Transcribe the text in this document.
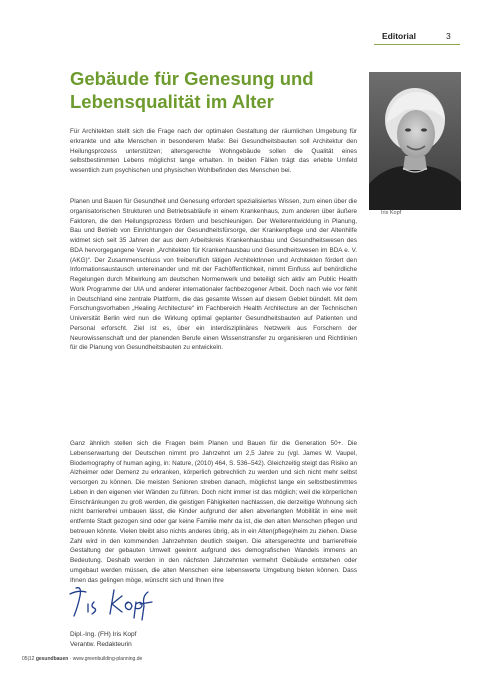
Editorial	3
Gebäude für Genesung und Lebensqualität im Alter

Für Architekten stellt sich die Frage nach der optimalen Gestaltung der räumlichen Umgebung für erkrankte und alte Menschen in besonderem Maße: Bei Gesundheitsbauten soll Architektur den Heilungsprozess unterstützen; altersgerechte Wohngebäude sollen die Qualität eines selbstbestimmten Lebens möglichst lange erhalten. In beiden Fällen trägt das erlebte Umfeld wesentlich zum psychischen und physischen Wohlbefinden des Menschen bei.

Planen und Bauen für Gesundheit und Genesung erfordert spezialisiertes Wissen, zum einen über die organisatorischen Strukturen und Betriebsabläufe in einem Krankenhaus, zum anderen über äußere Faktoren, die den Heilungsprozess fördern und beschleunigen. Der Weiterentwicklung in Planung, Bau und Betrieb von Einrichtungen der Gesundheitsfürsorge, der Krankenpflege und der Altenhilfe widmet sich seit 35 Jahren der aus dem Arbeitskreis Krankenhausbau und Gesundheitswesen des BDA hervorgegangene Verein „Architekten für Krankenhausbau und Gesundheitswesen im BDA e. V. (AKG)“. Der Zusammenschluss von freiberuflich tätigen ArchitektInnen und Architekten fördert den Informationsaustausch untereinander und mit der Fachöffentlichkeit, nimmt Einfluss auf behördliche Regelungen durch Mitwirkung am deutschen Normenwerk und beteiligt sich aktiv am Public Health Work Programme der UIA und anderer internationaler fachbezogener Arbeit. Doch nach wie vor fehlt in Deutschland eine zentrale Plattform, die das gesamte Wissen auf diesem Gebiet bündelt. Mit dem Forschungsvorhaben „Healing Architecture“ im Fachbereich Health Architecture an der Technischen Universität Berlin wird nun die Wirkung optimal geplanter Gesundheitsbauten auf Patienten und Personal erforscht. Ziel ist es, über ein interdisziplinäres Netzwerk aus Forschern der Neurowissenschaft und der planenden Berufe einen Wissenstransfer zu organisieren und Richtlinien für die Planung von Gesundheitsbauten zu entwickeln.

Ganz ähnlich stellen sich die Fragen beim Planen und Bauen für die Generation 50+. Die Lebenserwartung der Deutschen nimmt pro Jahrzehnt um 2,5 Jahre zu (vgl. James W. Vaupel, Biodemography of human aging, in: Nature, (2010) 464, S. 536–542). Gleichzeitig steigt das Risiko an Alzheimer oder Demenz zu erkranken, körperlich gebrechlich zu werden und sich nicht mehr selbst versorgen zu können. Die meisten Senioren streben danach, möglichst lange ein selbstbestimmtes Leben in den eigenen vier Wänden zu führen. Doch nicht immer ist das möglich; weil die körperlichen Einschränkungen zu groß werden, die geistigen Fähigkeiten nachlassen, die derzeitige Wohnung sich nicht barrierefrei umbauen lässt, die Kinder aufgrund der allen abverlangten Mobilität in eine weit entfernte Stadt gezogen sind oder gar keine Familie mehr da ist, die den alten Menschen pflegen und betreuen könnte. Vielen bleibt also nichts anderes übrig, als in ein Alten(pflege)heim zu ziehen. Diese Zahl wird in den kommenden Jahrzehnten deutlich steigen. Die altersgerechte und barrierefreie Gestaltung der gebauten Umwelt gewinnt aufgrund des demografischen Wandels immens an Bedeutung. Deshalb werden in den nächsten Jahrzehnten vermehrt Gebäude entstehen oder umgebaut werden müssen, die alten Menschen eine lebenswerte Umgebung bieten können. Dass Ihnen das gelingen möge, wünscht sich und Ihnen Ihre

Iris Kopf
Dipl.-Ing. (FH) Iris Kopf
Verantw. Redakteurin
05|12 gesundbauen · www.greenbuilding-planning.de
